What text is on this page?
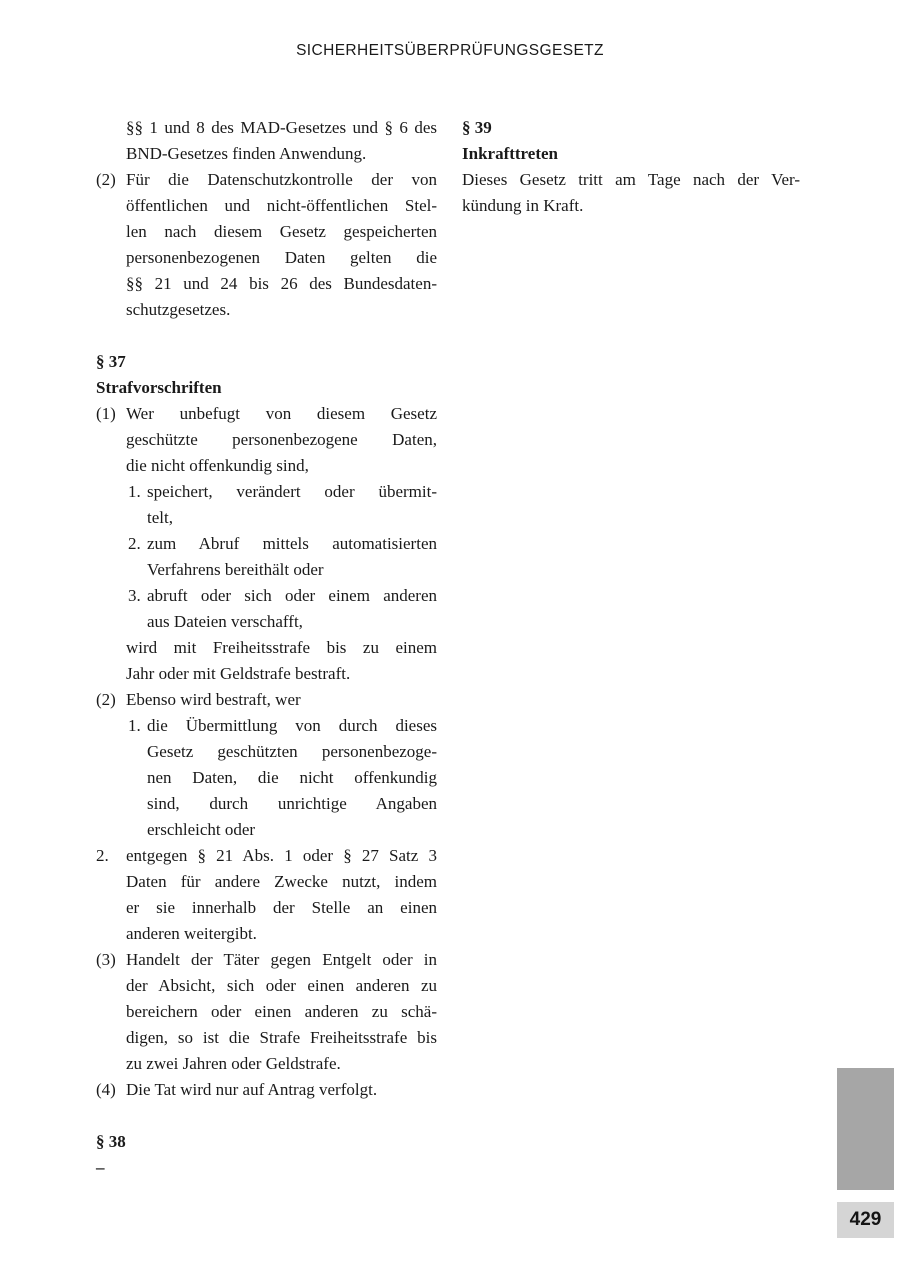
SICHERHEITSÜBERPRÜFUNGSGESETZ
§§ 1 und 8 des MAD-Gesetzes und § 6 des
BND-Gesetzes finden Anwendung.
(2) Für die Datenschutzkontrolle der von
öffentlichen und nicht-öffentlichen Stel-
len nach diesem Gesetz gespeicherten
personenbezogenen Daten gelten die
§§ 21 und 24 bis 26 des Bundesdaten-
schutzgesetzes.
§ 37
Strafvorschriften
(1) Wer unbefugt von diesem Gesetz
geschützte personenbezogene Daten,
die nicht offenkundig sind,
1. speichert, verändert oder übermit-
telt,
2. zum Abruf mittels automatisierten
Verfahrens bereithält oder
3. abruft oder sich oder einem anderen
aus Dateien verschafft,
wird mit Freiheitsstrafe bis zu einem
Jahr oder mit Geldstrafe bestraft.
(2) Ebenso wird bestraft, wer
1. die Übermittlung von durch dieses
Gesetz geschützten personenbezoge-
nen Daten, die nicht offenkundig
sind, durch unrichtige Angaben
erschleicht oder
2. entgegen § 21 Abs. 1 oder § 27 Satz 3
Daten für andere Zwecke nutzt, indem
er sie innerhalb der Stelle an einen
anderen weitergibt.
(3) Handelt der Täter gegen Entgelt oder in
der Absicht, sich oder einen anderen zu
bereichern oder einen anderen zu schä-
digen, so ist die Strafe Freiheitsstrafe bis
zu zwei Jahren oder Geldstrafe.
(4) Die Tat wird nur auf Antrag verfolgt.
§ 38
–
§ 39
Inkrafttreten
Dieses Gesetz tritt am Tage nach der Ver-
kündung in Kraft.
429
